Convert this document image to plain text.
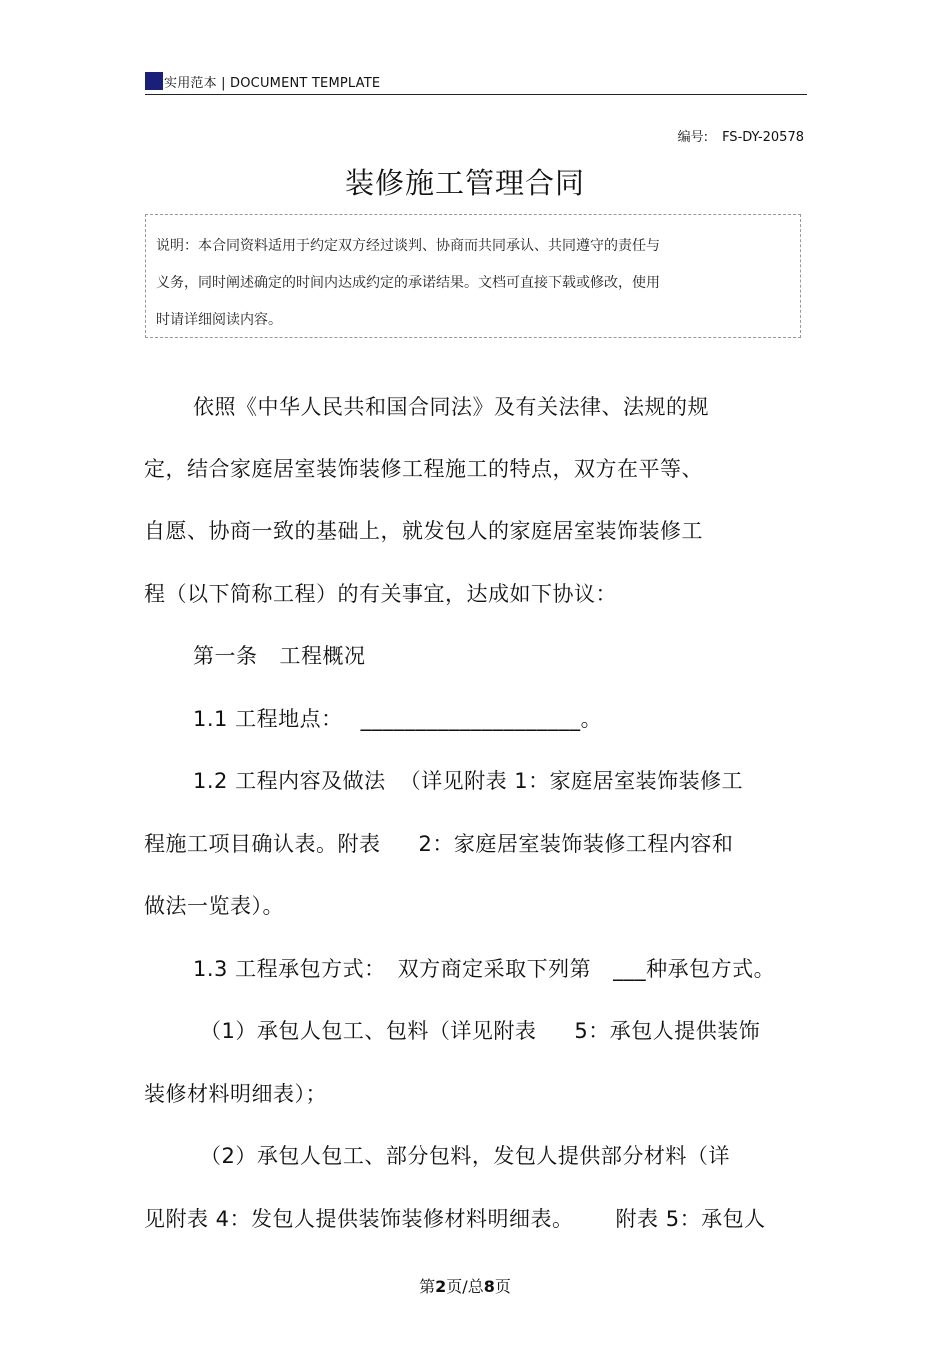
实用范本 | DOCUMENT TEMPLATE
编号: FS-DY-20578
装修施工管理合同

说明：本合同资料适用于约定双方经过谈判、协商而共同承认、共同遵守的责任与

义务，同时阐述确定的时间内达成约定的承诺结果。文档可直接下载或修改，使用

时请详细阅读内容。

依照《中华人民共和国合同法》及有关法律、法规的规
定，结合家庭居室装饰装修工程施工的特点，双方在平等、
自愿、协商一致的基础上，就发包人的家庭居室装饰装修工
程（以下简称工程）的有关事宜，达成如下协议：
第一条 工程概况
1.1 工程地点： ____________________。
1.2 工程内容及做法 （详见附表 1：家庭居室装饰装修工
程施工项目确认表。附表 2：家庭居室装饰装修工程内容和
做法一览表）。
1.3 工程承包方式： 双方商定采取下列第 ___种承包方式。
（1）承包人包工、包料（详见附表 5：承包人提供装饰
装修材料明细表）；
（2）承包人包工、部分包料，发包人提供部分材料（详
见附表 4：发包人提供装饰装修材料明细表。 附表 5：承包人
第2页/总8页
